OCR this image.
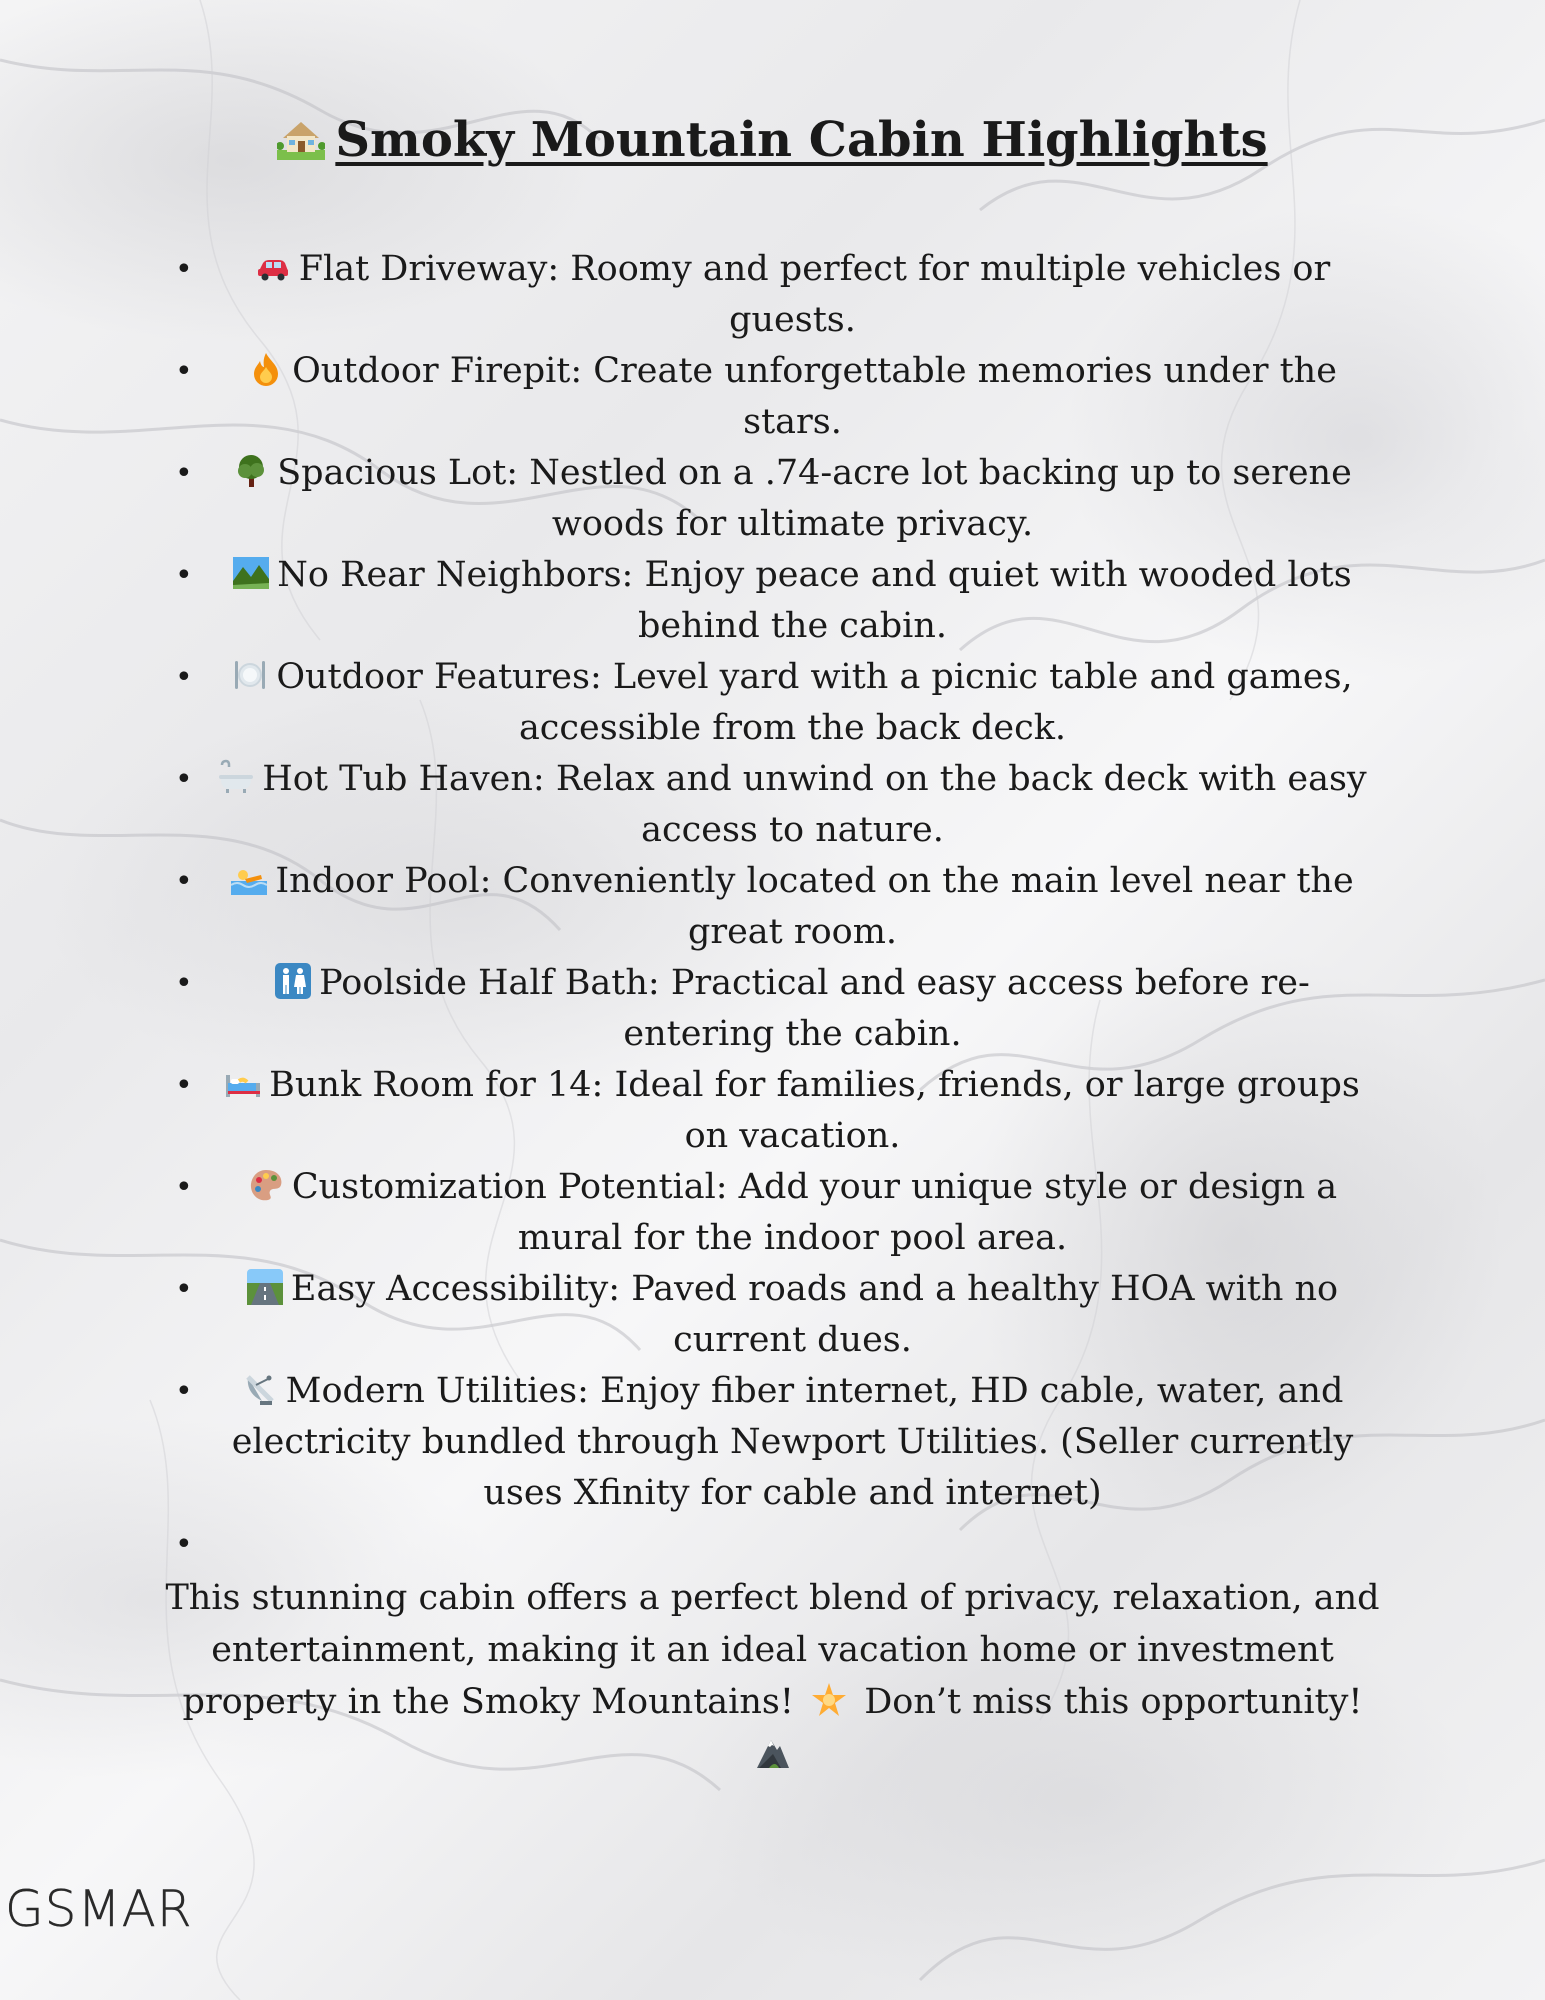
Smoky Mountain Cabin Highlights
•	Flat Driveway: Roomy and perfect for multiple vehicles or guests.
•	Outdoor Firepit: Create unforgettable memories under the stars.
• Spacious Lot: Nestled on a .74-acre lot backing up to serene woods for ultimate privacy.
• No Rear Neighbors: Enjoy peace and quiet with wooded lots behind the cabin.
• Outdoor Features: Level yard with a picnic table and games, accessible from the back deck.
• Hot Tub Haven: Relax and unwind on the back deck with easy access to nature.
• Indoor Pool: Conveniently located on the main level near the great room.
•	Poolside Half Bath: Practical and easy access before re-entering the cabin.
• Bunk Room for 14: Ideal for families, friends, or large groups on vacation.
•	Customization Potential: Add your unique style or design a mural for the indoor pool area.
•	Easy Accessibility: Paved roads and a healthy HOA with no current dues.
•	Modern Utilities: Enjoy fiber internet, HD cable, water, and electricity bundled through Newport Utilities. (Seller currently uses Xfinity for cable and internet)
•

This stunning cabin offers a perfect blend of privacy, relaxation, and entertainment, making it an ideal vacation home or investment property in the Smoky Mountains! Don’t miss this opportunity!

GSMAR
